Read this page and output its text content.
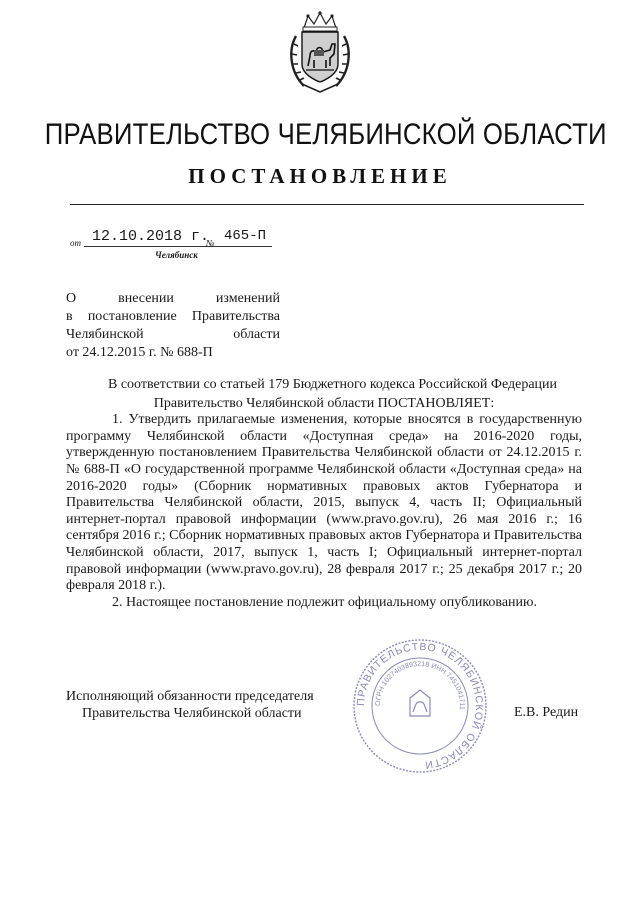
ПРАВИТЕЛЬСТВО ЧЕЛЯБИНСКОЙ ОБЛАСТИ
ПОСТАНОВЛЕНИЕ
от 12.10.2018 г.
№ 465-П
Челябинск

О внесении изменений

в постановление Правительства

Челябинской области

от 24.12.2015 г. № 688-П

В соответствии со статьей 179 Бюджетного кодекса Российской Федерации

Правительство Челябинской области ПОСТАНОВЛЯЕТ:

1. Утвердить прилагаемые изменения, которые вносятся в государственную программу Челябинской области «Доступная среда» на 2016-2020 годы, утвержденную постановлением Правительства Челябинской области от 24.12.2015 г. № 688-П «О государственной программе Челябинской области «Доступная среда» на 2016-2020 годы» (Сборник нормативных правовых актов Губернатора и Правительства Челябинской области, 2015, выпуск 4, часть II; Официальный интернет-портал правовой информации (www.pravo.gov.ru), 26 мая 2016 г.; 16 сентября 2016 г.; Сборник нормативных правовых актов Губернатора и Правительства Челябинской области, 2017, выпуск 1, часть I; Официальный интернет-портал правовой информации (www.pravo.gov.ru), 28 февраля 2017 г.; 25 декабря 2017 г.; 20 февраля 2018 г.).

2. Настоящее постановление подлежит официальному опубликованию.

ПРАВИТЕЛЬСТВО ЧЕЛЯБИНСКОЙ ОБЛАСТИ
ОГРН 1027403893218 ИНН 7451041711
Исполняющий обязанности председателя
Правительства Челябинской области	Е.В. Редин
